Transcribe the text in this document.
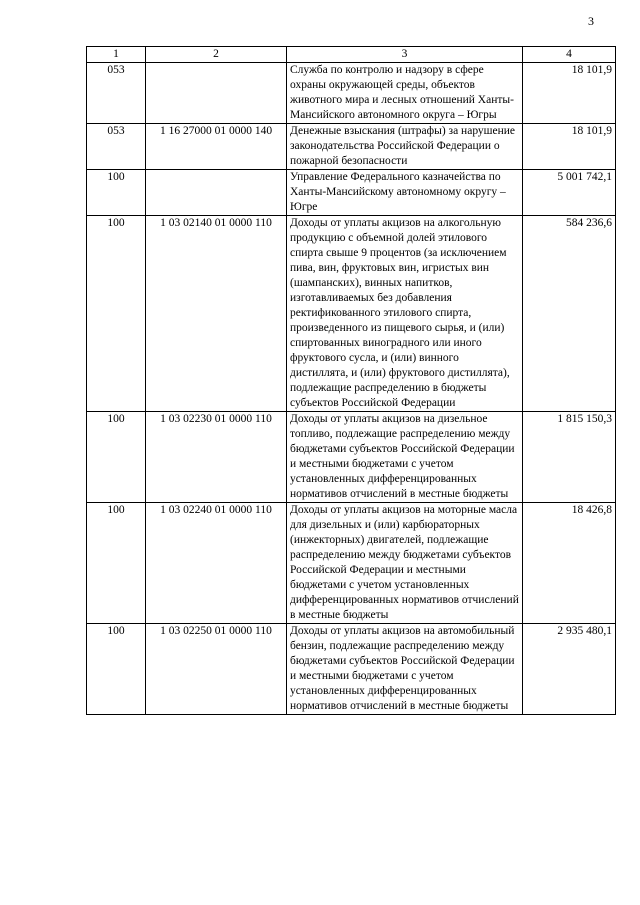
3
1	2	3	4
053		Служба по контролю и надзору в сфере охраны окружающей среды, объектов животного мира и лесных отношений Ханты-Мансийского автономного округа – Югры	18 101,9
053	1 16 27000 01 0000 140	Денежные взыскания (штрафы) за нарушение законодательства Российской Федерации о пожарной безопасности	18 101,9
100		Управление Федерального казначейства по Ханты-Мансийскому автономному округу – Югре	5 001 742,1
100	1 03 02140 01 0000 110	Доходы от уплаты акцизов на алкогольную продукцию с объемной долей этилового спирта свыше 9 процентов (за исключением пива, вин, фруктовых вин, игристых вин (шампанских), винных напитков, изготавливаемых без добавления ректификованного этилового спирта, произведенного из пищевого сырья, и (или) спиртованных виноградного или иного фруктового сусла, и (или) винного дистиллята, и (или) фруктового дистиллята), подлежащие распределению в бюджеты субъектов Российской Федерации	584 236,6
100	1 03 02230 01 0000 110	Доходы от уплаты акцизов на дизельное топливо, подлежащие распределению между бюджетами субъектов Российской Федерации и местными бюджетами с учетом установленных дифференцированных нормативов отчислений в местные бюджеты	1 815 150,3
100	1 03 02240 01 0000 110	Доходы от уплаты акцизов на моторные масла для дизельных и (или) карбюраторных (инжекторных) двигателей, подлежащие распределению между бюджетами субъектов Российской Федерации и местными бюджетами с учетом установленных дифференцированных нормативов отчислений в местные бюджеты	18 426,8
100	1 03 02250 01 0000 110	Доходы от уплаты акцизов на автомобильный бензин, подлежащие распределению между бюджетами субъектов Российской Федерации и местными бюджетами с учетом установленных дифференцированных нормативов отчислений в местные бюджеты	2 935 480,1
